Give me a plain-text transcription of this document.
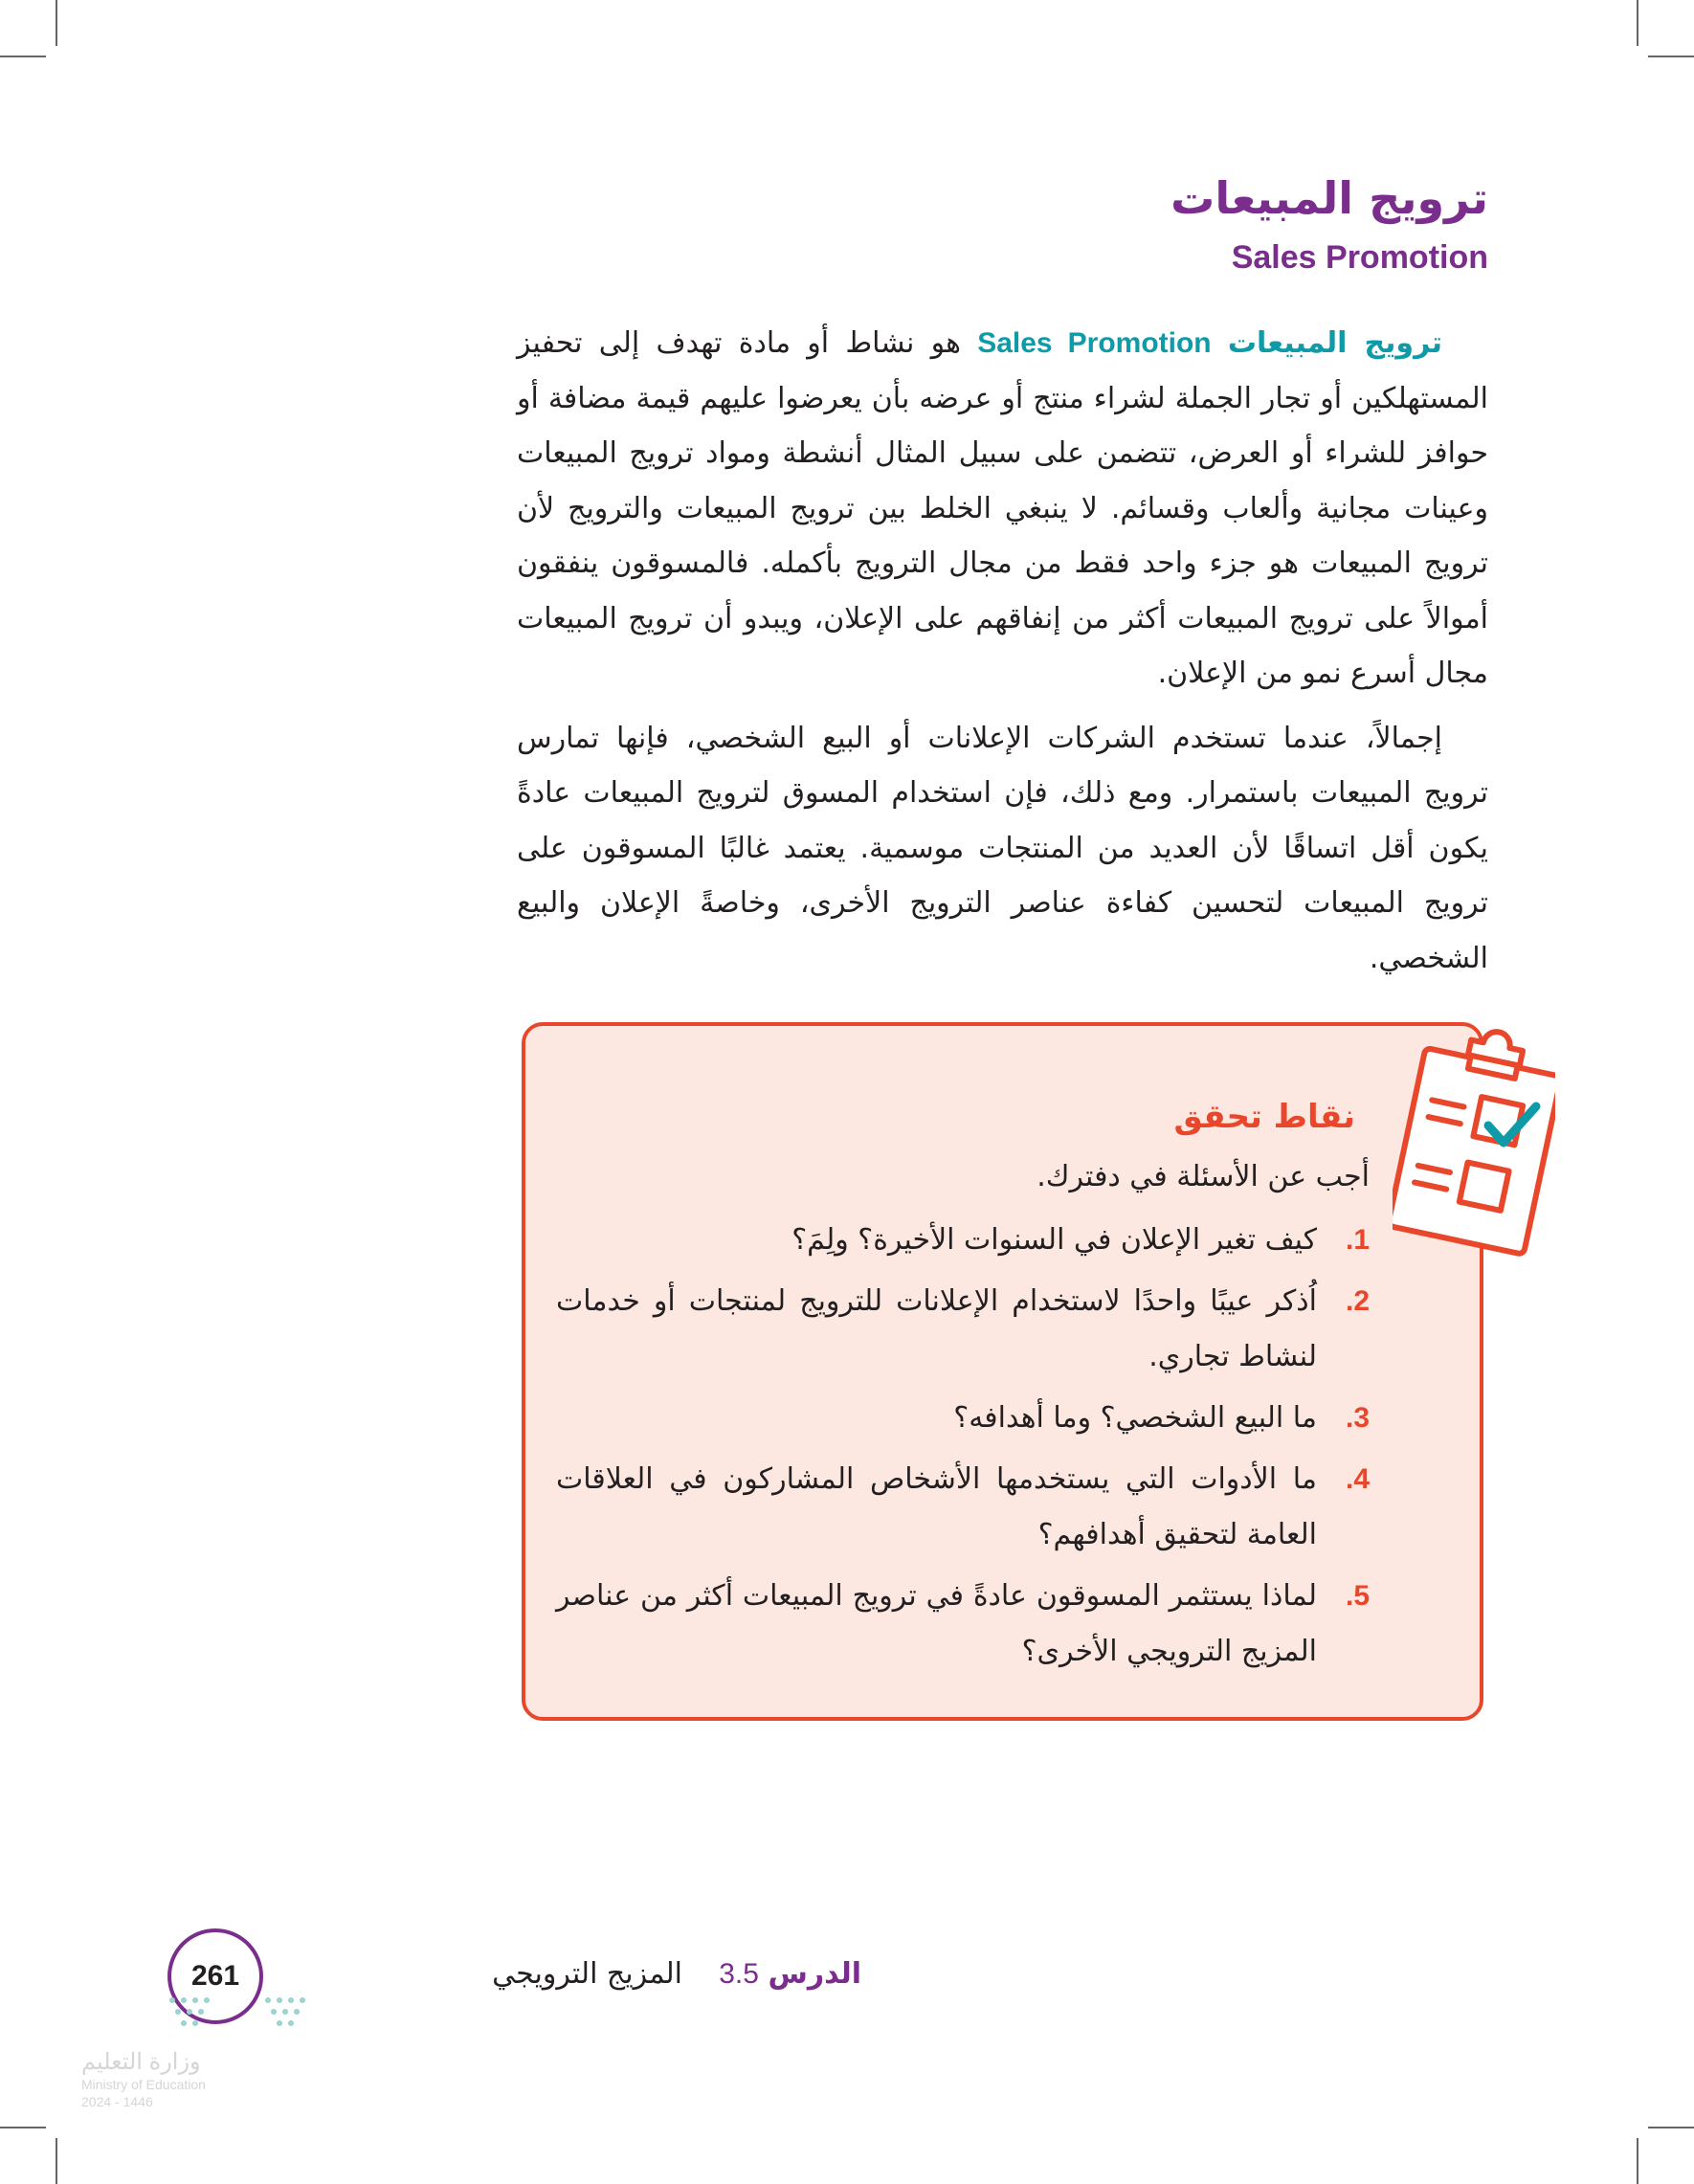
ترويج المبيعات
Sales Promotion

ترويج المبيعات Sales Promotion هو نشاط أو مادة تهدف إلى تحفيز المستهلكين أو تجار الجملة لشراء منتج أو عرضه بأن يعرضوا عليهم قيمة مضافة أو حوافز للشراء أو العرض، تتضمن على سبيل المثال أنشطة ومواد ترويج المبيعات وعينات مجانية وألعاب وقسائم. لا ينبغي الخلط بين ترويج المبيعات والترويج لأن ترويج المبيعات هو جزء واحد فقط من مجال الترويج بأكمله. فالمسوقون ينفقون أموالاً على ترويج المبيعات أكثر من إنفاقهم على الإعلان، ويبدو أن ترويج المبيعات مجال أسرع نمو من الإعلان.

إجمالاً، عندما تستخدم الشركات الإعلانات أو البيع الشخصي، فإنها تمارس ترويج المبيعات باستمرار. ومع ذلك، فإن استخدام المسوق لترويج المبيعات عادةً يكون أقل اتساقًا لأن العديد من المنتجات موسمية. يعتمد غالبًا المسوقون على ترويج المبيعات لتحسين كفاءة عناصر الترويج الأخرى، وخاصةً الإعلان والبيع الشخصي.

نقاط تحقق

أجب عن الأسئلة في دفترك.

1.
كيف تغير الإعلان في السنوات الأخيرة؟ ولِمَ؟
2.
اُذكر عيبًا واحدًا لاستخدام الإعلانات للترويج لمنتجات أو خدمات لنشاط تجاري.
3.
ما البيع الشخصي؟ وما أهدافه؟
4.
ما الأدوات التي يستخدمها الأشخاص المشاركون في العلاقات العامة لتحقيق أهدافهم؟
5.
لماذا يستثمر المسوقون عادةً في ترويج المبيعات أكثر من عناصر المزيج الترويجي الأخرى؟

الدرس 3.5    المزيج الترويجي

261
وزارة التعليم
Ministry of Education
2024 - 1446
